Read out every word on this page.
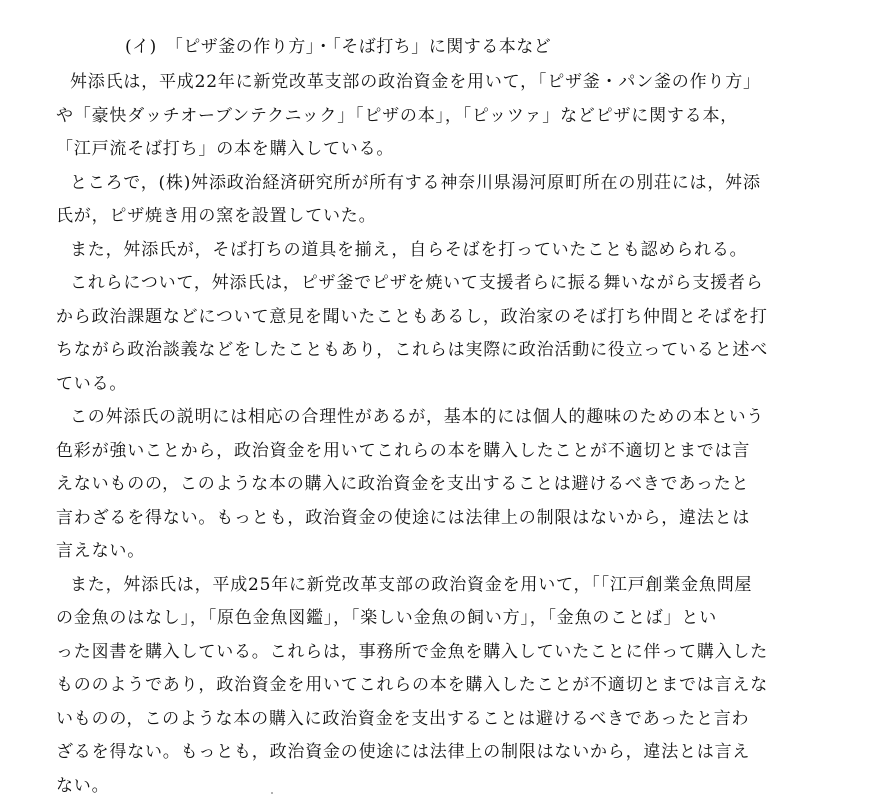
(イ)　「ピザ釜の作り方」・「そば打ち」に関する本など
舛添氏は，平成22年に新党改革支部の政治資金を用いて，「ピザ釜・パン釜の作り方」
や「豪快ダッチオーブンテクニック」「ピザの本」，「ピッツァ」などピザに関する本，
「江戸流そば打ち」の本を購入している。
ところで，(株)舛添政治経済研究所が所有する神奈川県湯河原町所在の別荘には，舛添
氏が，ピザ焼き用の窯を設置していた。
また，舛添氏が，そば打ちの道具を揃え，自らそばを打っていたことも認められる。
これらについて，舛添氏は，ピザ釜でピザを焼いて支援者らに振る舞いながら支援者ら
から政治課題などについて意見を聞いたこともあるし，政治家のそば打ち仲間とそばを打
ちながら政治談義などをしたこともあり，これらは実際に政治活動に役立っていると述べ
ている。
この舛添氏の説明には相応の合理性があるが，基本的には個人的趣味のための本という
色彩が強いことから，政治資金を用いてこれらの本を購入したことが不適切とまでは言
えないものの，このような本の購入に政治資金を支出することは避けるべきであったと
言わざるを得ない。もっとも，政治資金の使途には法律上の制限はないから，違法とは
言えない。
また，舛添氏は，平成25年に新党改革支部の政治資金を用いて，「「江戸創業金魚問屋
の金魚のはなし」，「原色金魚図鑑」，「楽しい金魚の飼い方」，「金魚のことば」とい
った図書を購入している。これらは，事務所で金魚を購入していたことに伴って購入した
もののようであり，政治資金を用いてこれらの本を購入したことが不適切とまでは言えな
いものの，このような本の購入に政治資金を支出することは避けるべきであったと言わ
ざるを得ない。もっとも，政治資金の使途には法律上の制限はないから，違法とは言え
ない。
